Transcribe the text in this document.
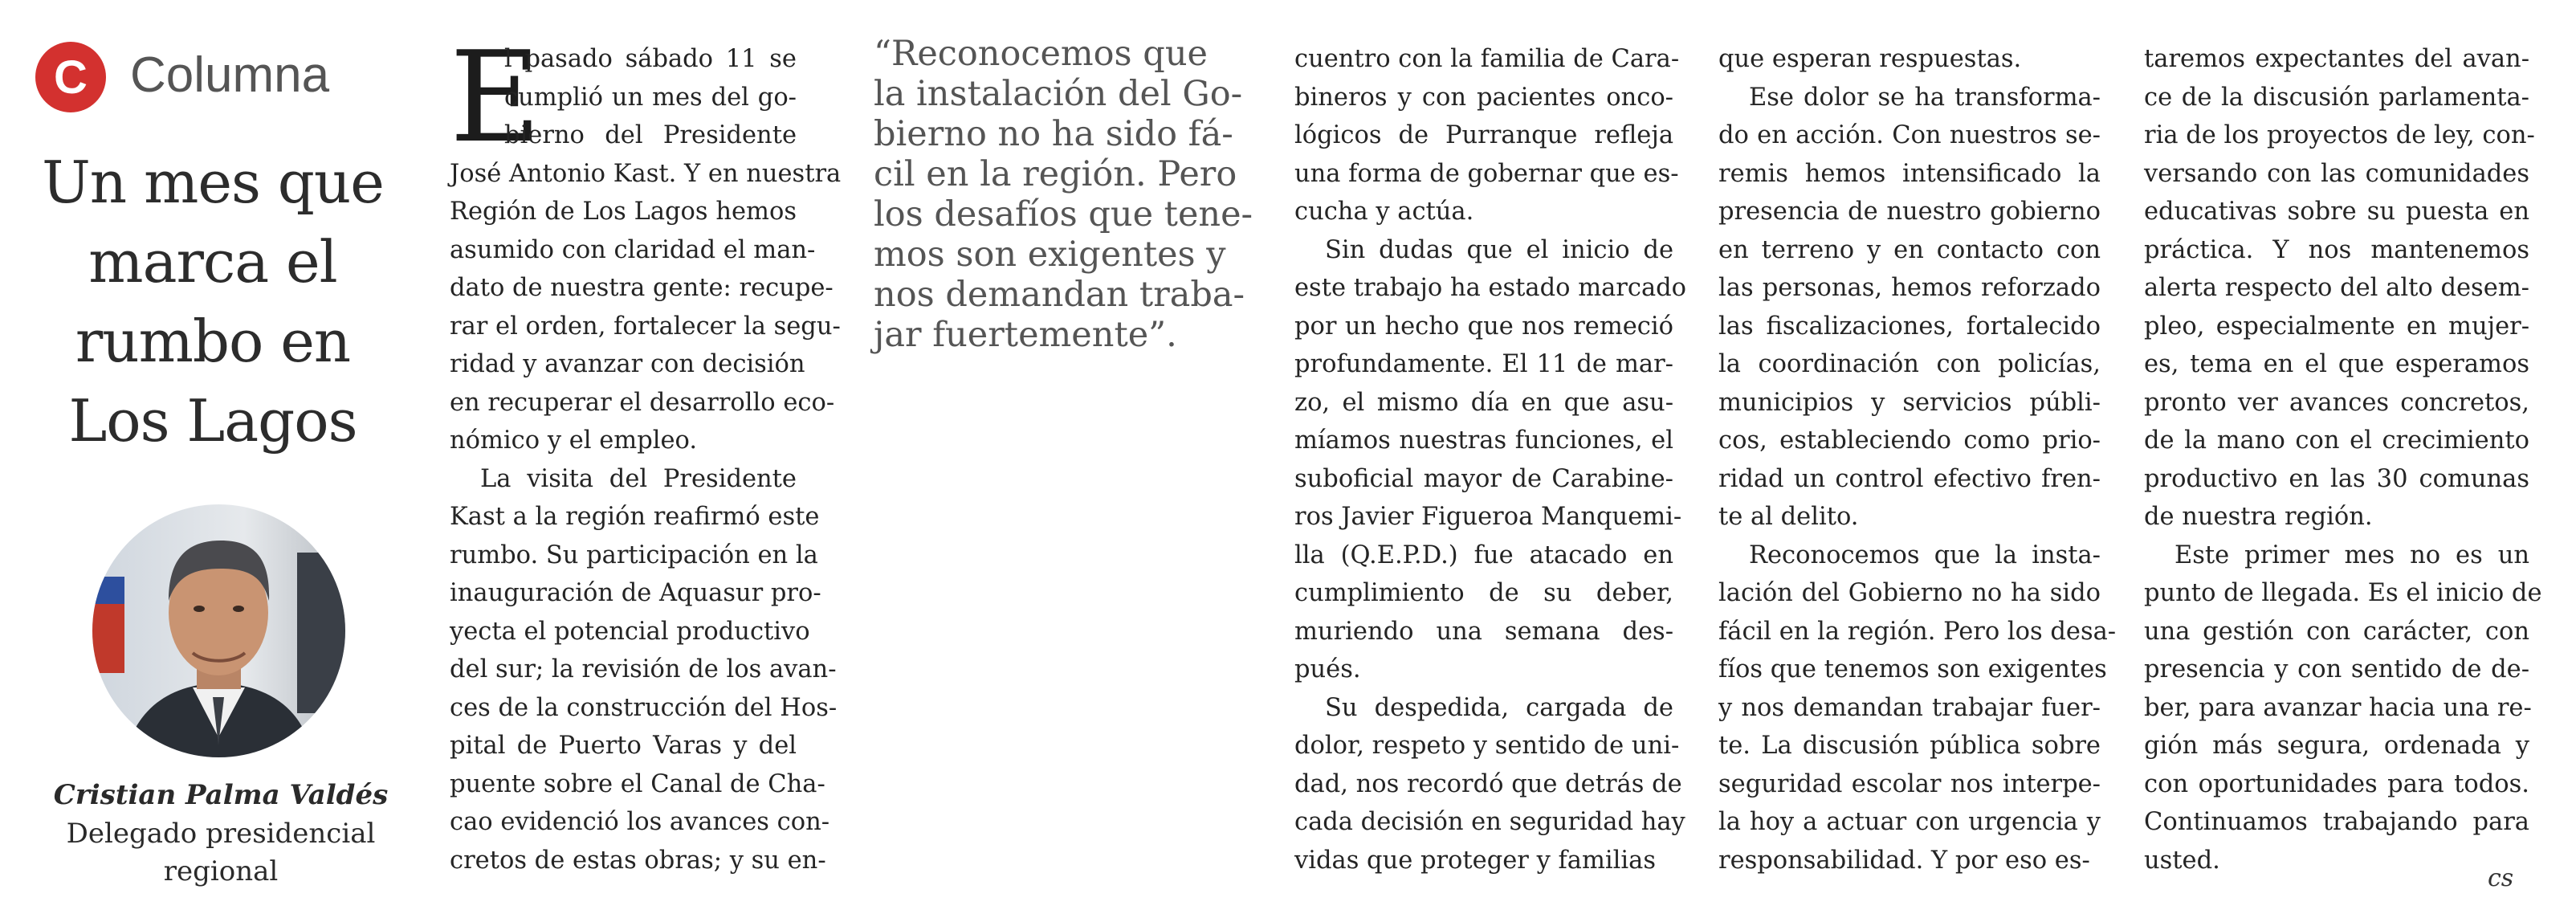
C Columna
Un mes que
marca el
rumbo en
Los Lagos
Cristian Palma Valdés
Delegado presidencial
regional
E
l pasado sábado 11 se
cumplió un mes del go-
bierno del Presidente
José Antonio Kast. Y en nuestra
Región de Los Lagos hemos
asumido con claridad el man-
dato de nuestra gente: recupe-
rar el orden, fortalecer la segu-
ridad y avanzar con decisión
en recuperar el desarrollo eco-
nómico y el empleo.
La visita del Presidente
Kast a la región reafirmó este
rumbo. Su participación en la
inauguración de Aquasur pro-
yecta el potencial productivo
del sur; la revisión de los avan-
ces de la construcción del Hos-
pital de Puerto Varas y del
puente sobre el Canal de Cha-
cao evidenció los avances con-
cretos de estas obras; y su en-
“Reconocemos que
la instalación del Go-
bierno no ha sido fá-
cil en la región. Pero
los desafíos que tene-
mos son exigentes y
nos demandan traba-
jar fuertemente”.
cuentro con la familia de Cara-
bineros y con pacientes onco-
lógicos de Purranque refleja
una forma de gobernar que es-
cucha y actúa.
Sin dudas que el inicio de
este trabajo ha estado marcado
por un hecho que nos remeció
profundamente. El 11 de mar-
zo, el mismo día en que asu-
míamos nuestras funciones, el
suboficial mayor de Carabine-
ros Javier Figueroa Manquemi-
lla (Q.E.P.D.) fue atacado en
cumplimiento de su deber,
muriendo una semana des-
pués.
Su despedida, cargada de
dolor, respeto y sentido de uni-
dad, nos recordó que detrás de
cada decisión en seguridad hay
vidas que proteger y familias
que esperan respuestas.
Ese dolor se ha transforma-
do en acción. Con nuestros se-
remis hemos intensificado la
presencia de nuestro gobierno
en terreno y en contacto con
las personas, hemos reforzado
las fiscalizaciones, fortalecido
la coordinación con policías,
municipios y servicios públi-
cos, estableciendo como prio-
ridad un control efectivo fren-
te al delito.
Reconocemos que la insta-
lación del Gobierno no ha sido
fácil en la región. Pero los desa-
fíos que tenemos son exigentes
y nos demandan trabajar fuer-
te. La discusión pública sobre
seguridad escolar nos interpe-
la hoy a actuar con urgencia y
responsabilidad. Y por eso es-
taremos expectantes del avan-
ce de la discusión parlamenta-
ria de los proyectos de ley, con-
versando con las comunidades
educativas sobre su puesta en
práctica. Y nos mantenemos
alerta respecto del alto desem-
pleo, especialmente en mujer-
es, tema en el que esperamos
pronto ver avances concretos,
de la mano con el crecimiento
productivo en las 30 comunas
de nuestra región.
Este primer mes no es un
punto de llegada. Es el inicio de
una gestión con carácter, con
presencia y con sentido de de-
ber, para avanzar hacia una re-
gión más segura, ordenada y
con oportunidades para todos.
Continuamos trabajando para
usted.
cs
